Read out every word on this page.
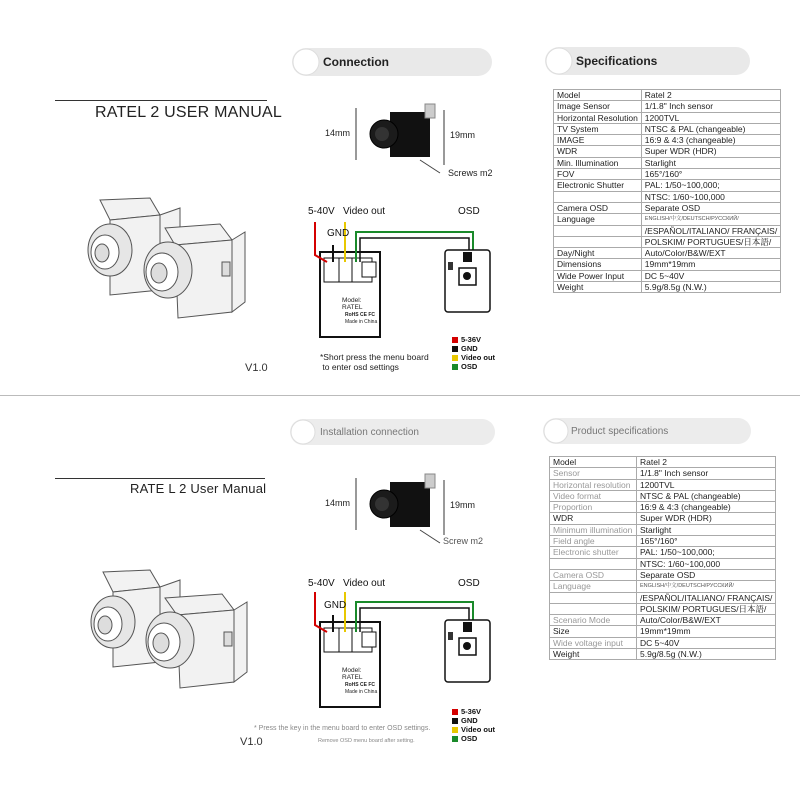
RATEL 2 USER MANUAL
Connection	Specifications
14mm	19mm
Screws m2
5-40V
GND
Video out	OSD
Model:
RATEL
RoHS CE FC
Made in China
5-36V
GND
Video out
OSD
*Short press the menu board
to enter osd settings
V1.0
Model	Ratel 2
Image Sensor	1/1.8" Inch sensor
Horizontal Resolution	1200TVL
TV System	NTSC & PAL (changeable)
IMAGE	16:9 & 4:3 (changeable)
WDR	Super WDR (HDR)
Min. Illumination	Starlight
FOV	165°/160°
Electronic Shutter	PAL: 1/50~100,000;
	NTSC: 1/60~100,000
Camera OSD	Separate OSD
Language	ENGLISH/中文/DEUTSCH/РУССКИЙ/
	/ESPAÑOL/ITALIANO/ FRANÇAIS/
	POLSKIM/ PORTUGUES/日本語/
Day/Night	Auto/Color/B&W/EXT
Dimensions	19mm*19mm
Wide Power Input	DC 5~40V
Weight	5.9g/8.5g (N.W.)
RATE L 2 User Manual
Installation connection	Product specifications
14mm	19mm
Screw m2
5-40V
GND
Video out	OSD
Model:
RATEL
RoHS CE FC
Made in China
5-36V
GND
Video out
OSD
* Press the key in the menu board to enter OSD settings.
Remove OSD menu board after setting.
V1.0
Model	Ratel 2
Sensor	1/1.8" Inch sensor
Horizontal resolution	1200TVL
Video format	NTSC & PAL (changeable)
Proportion	16:9 & 4:3 (changeable)
WDR	Super WDR (HDR)
Minimum illumination	Starlight
Field angle	165°/160°
Electronic shutter	PAL: 1/50~100,000;
	NTSC: 1/60~100,000
Camera OSD	Separate OSD
Language	ENGLISH/中文/DEUTSCH/РУССКИЙ/
	/ESPAÑOL/ITALIANO/ FRANÇAIS/
	POLSKIM/ PORTUGUES/日本語/
Scenario Mode	Auto/Color/B&W/EXT
Size	19mm*19mm
Wide voltage input	DC 5~40V
Weight	5.9g/8.5g (N.W.)
